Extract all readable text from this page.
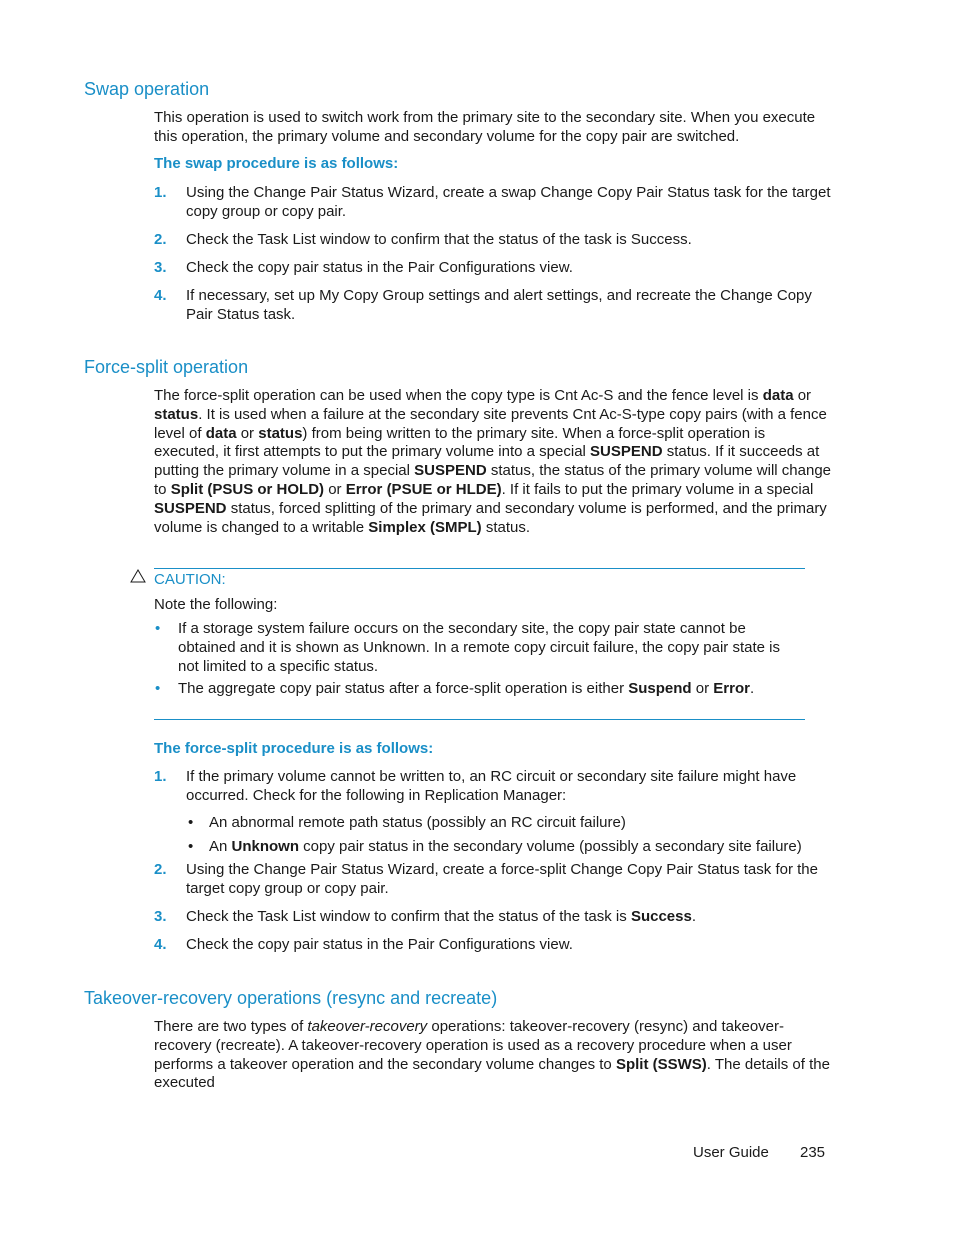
Swap operation
This operation is used to switch work from the primary site to the secondary site. When you execute this operation, the primary volume and secondary volume for the copy pair are switched.
The swap procedure is as follows:
1. Using the Change Pair Status Wizard, create a swap Change Copy Pair Status task for the target copy group or copy pair.
2. Check the Task List window to confirm that the status of the task is Success.
3. Check the copy pair status in the Pair Configurations view.
4. If necessary, set up My Copy Group settings and alert settings, and recreate the Change Copy Pair Status task.
Force-split operation
The force-split operation can be used when the copy type is Cnt Ac-S and the fence level is data or status. It is used when a failure at the secondary site prevents Cnt Ac-S-type copy pairs (with a fence level of data or status) from being written to the primary site. When a force-split operation is executed, it first attempts to put the primary volume into a special SUSPEND status. If it succeeds at putting the primary volume in a special SUSPEND status, the status of the primary volume will change to Split (PSUS or HOLD) or Error (PSUE or HLDE). If it fails to put the primary volume in a special SUSPEND status, forced splitting of the primary and secondary volume is performed, and the primary volume is changed to a writable Simplex (SMPL) status.
CAUTION:
Note the following:
• If a storage system failure occurs on the secondary site, the copy pair state cannot be obtained and it is shown as Unknown. In a remote copy circuit failure, the copy pair state is not limited to a specific status.
• The aggregate copy pair status after a force-split operation is either Suspend or Error.
The force-split procedure is as follows:
1. If the primary volume cannot be written to, an RC circuit or secondary site failure might have occurred. Check for the following in Replication Manager:
• An abnormal remote path status (possibly an RC circuit failure)
• An Unknown copy pair status in the secondary volume (possibly a secondary site failure)
2. Using the Change Pair Status Wizard, create a force-split Change Copy Pair Status task for the target copy group or copy pair.
3. Check the Task List window to confirm that the status of the task is Success.
4. Check the copy pair status in the Pair Configurations view.
Takeover-recovery operations (resync and recreate)
There are two types of takeover-recovery operations: takeover-recovery (resync) and takeover-recovery (recreate). A takeover-recovery operation is used as a recovery procedure when a user performs a takeover operation and the secondary volume changes to Split (SSWS). The details of the executed
User Guide 235
